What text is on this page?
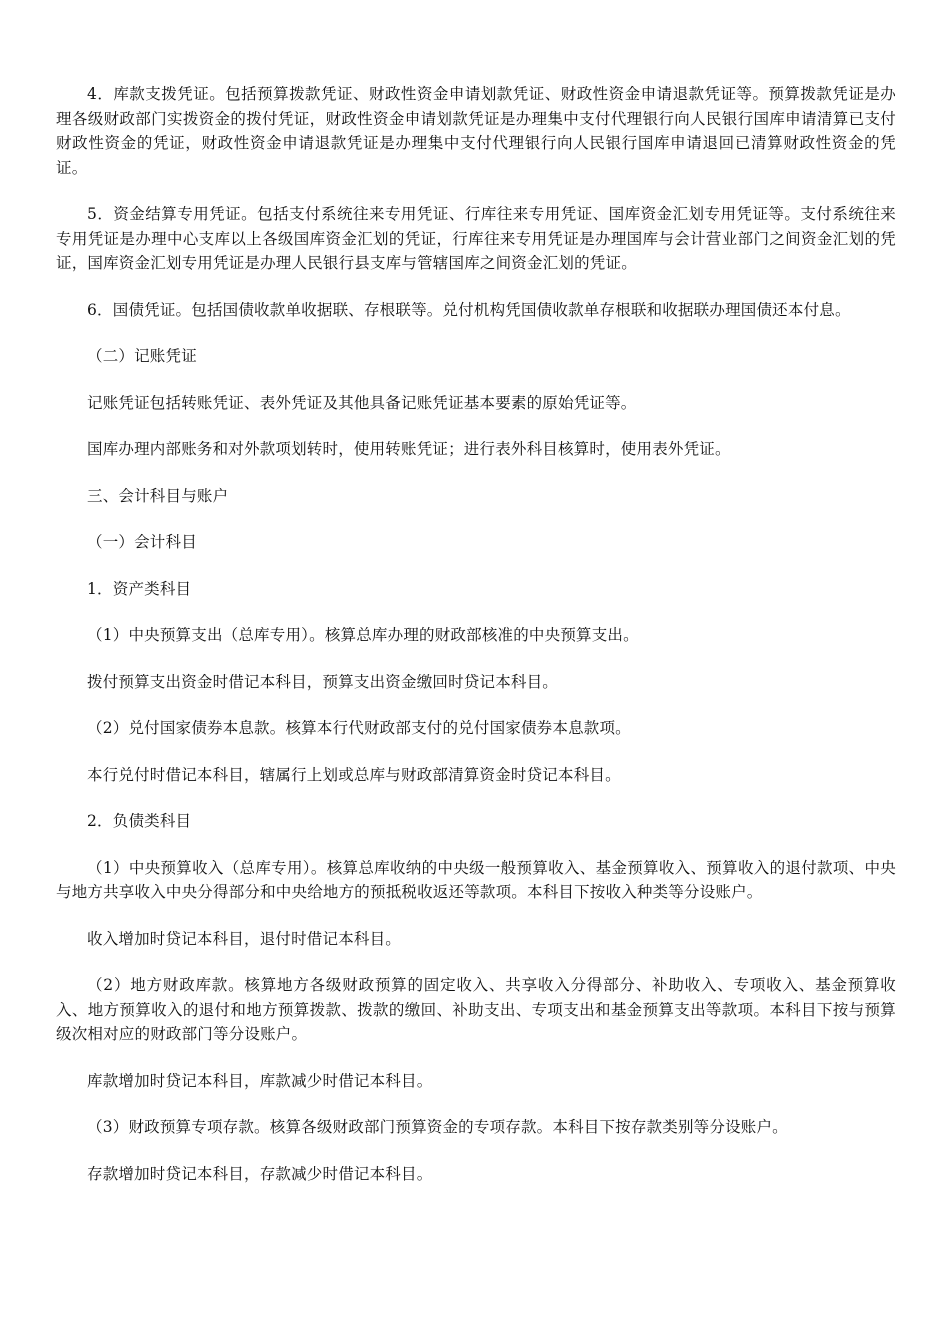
4．库款支拨凭证。包括预算拨款凭证、财政性资金申请划款凭证、财政性资金申请退款凭证等。预算拨款凭证是办理各级财政部门实拨资金的拨付凭证，财政性资金申请划款凭证是办理集中支付代理银行向人民银行国库申请清算已支付财政性资金的凭证，财政性资金申请退款凭证是办理集中支付代理银行向人民银行国库申请退回已清算财政性资金的凭证。

5．资金结算专用凭证。包括支付系统往来专用凭证、行库往来专用凭证、国库资金汇划专用凭证等。支付系统往来专用凭证是办理中心支库以上各级国库资金汇划的凭证，行库往来专用凭证是办理国库与会计营业部门之间资金汇划的凭证，国库资金汇划专用凭证是办理人民银行县支库与管辖国库之间资金汇划的凭证。

6．国债凭证。包括国债收款单收据联、存根联等。兑付机构凭国债收款单存根联和收据联办理国债还本付息。

（二）记账凭证

记账凭证包括转账凭证、表外凭证及其他具备记账凭证基本要素的原始凭证等。

国库办理内部账务和对外款项划转时，使用转账凭证；进行表外科目核算时，使用表外凭证。

三、会计科目与账户

（一）会计科目

1．资产类科目

（1）中央预算支出（总库专用）。核算总库办理的财政部核准的中央预算支出。

拨付预算支出资金时借记本科目，预算支出资金缴回时贷记本科目。

（2）兑付国家债券本息款。核算本行代财政部支付的兑付国家债券本息款项。

本行兑付时借记本科目，辖属行上划或总库与财政部清算资金时贷记本科目。

2．负债类科目

（1）中央预算收入（总库专用）。核算总库收纳的中央级一般预算收入、基金预算收入、预算收入的退付款项、中央与地方共享收入中央分得部分和中央给地方的预抵税收返还等款项。本科目下按收入种类等分设账户。

收入增加时贷记本科目，退付时借记本科目。

（2）地方财政库款。核算地方各级财政预算的固定收入、共享收入分得部分、补助收入、专项收入、基金预算收入、地方预算收入的退付和地方预算拨款、拨款的缴回、补助支出、专项支出和基金预算支出等款项。本科目下按与预算级次相对应的财政部门等分设账户。

库款增加时贷记本科目，库款减少时借记本科目。

（3）财政预算专项存款。核算各级财政部门预算资金的专项存款。本科目下按存款类别等分设账户。

存款增加时贷记本科目，存款减少时借记本科目。
